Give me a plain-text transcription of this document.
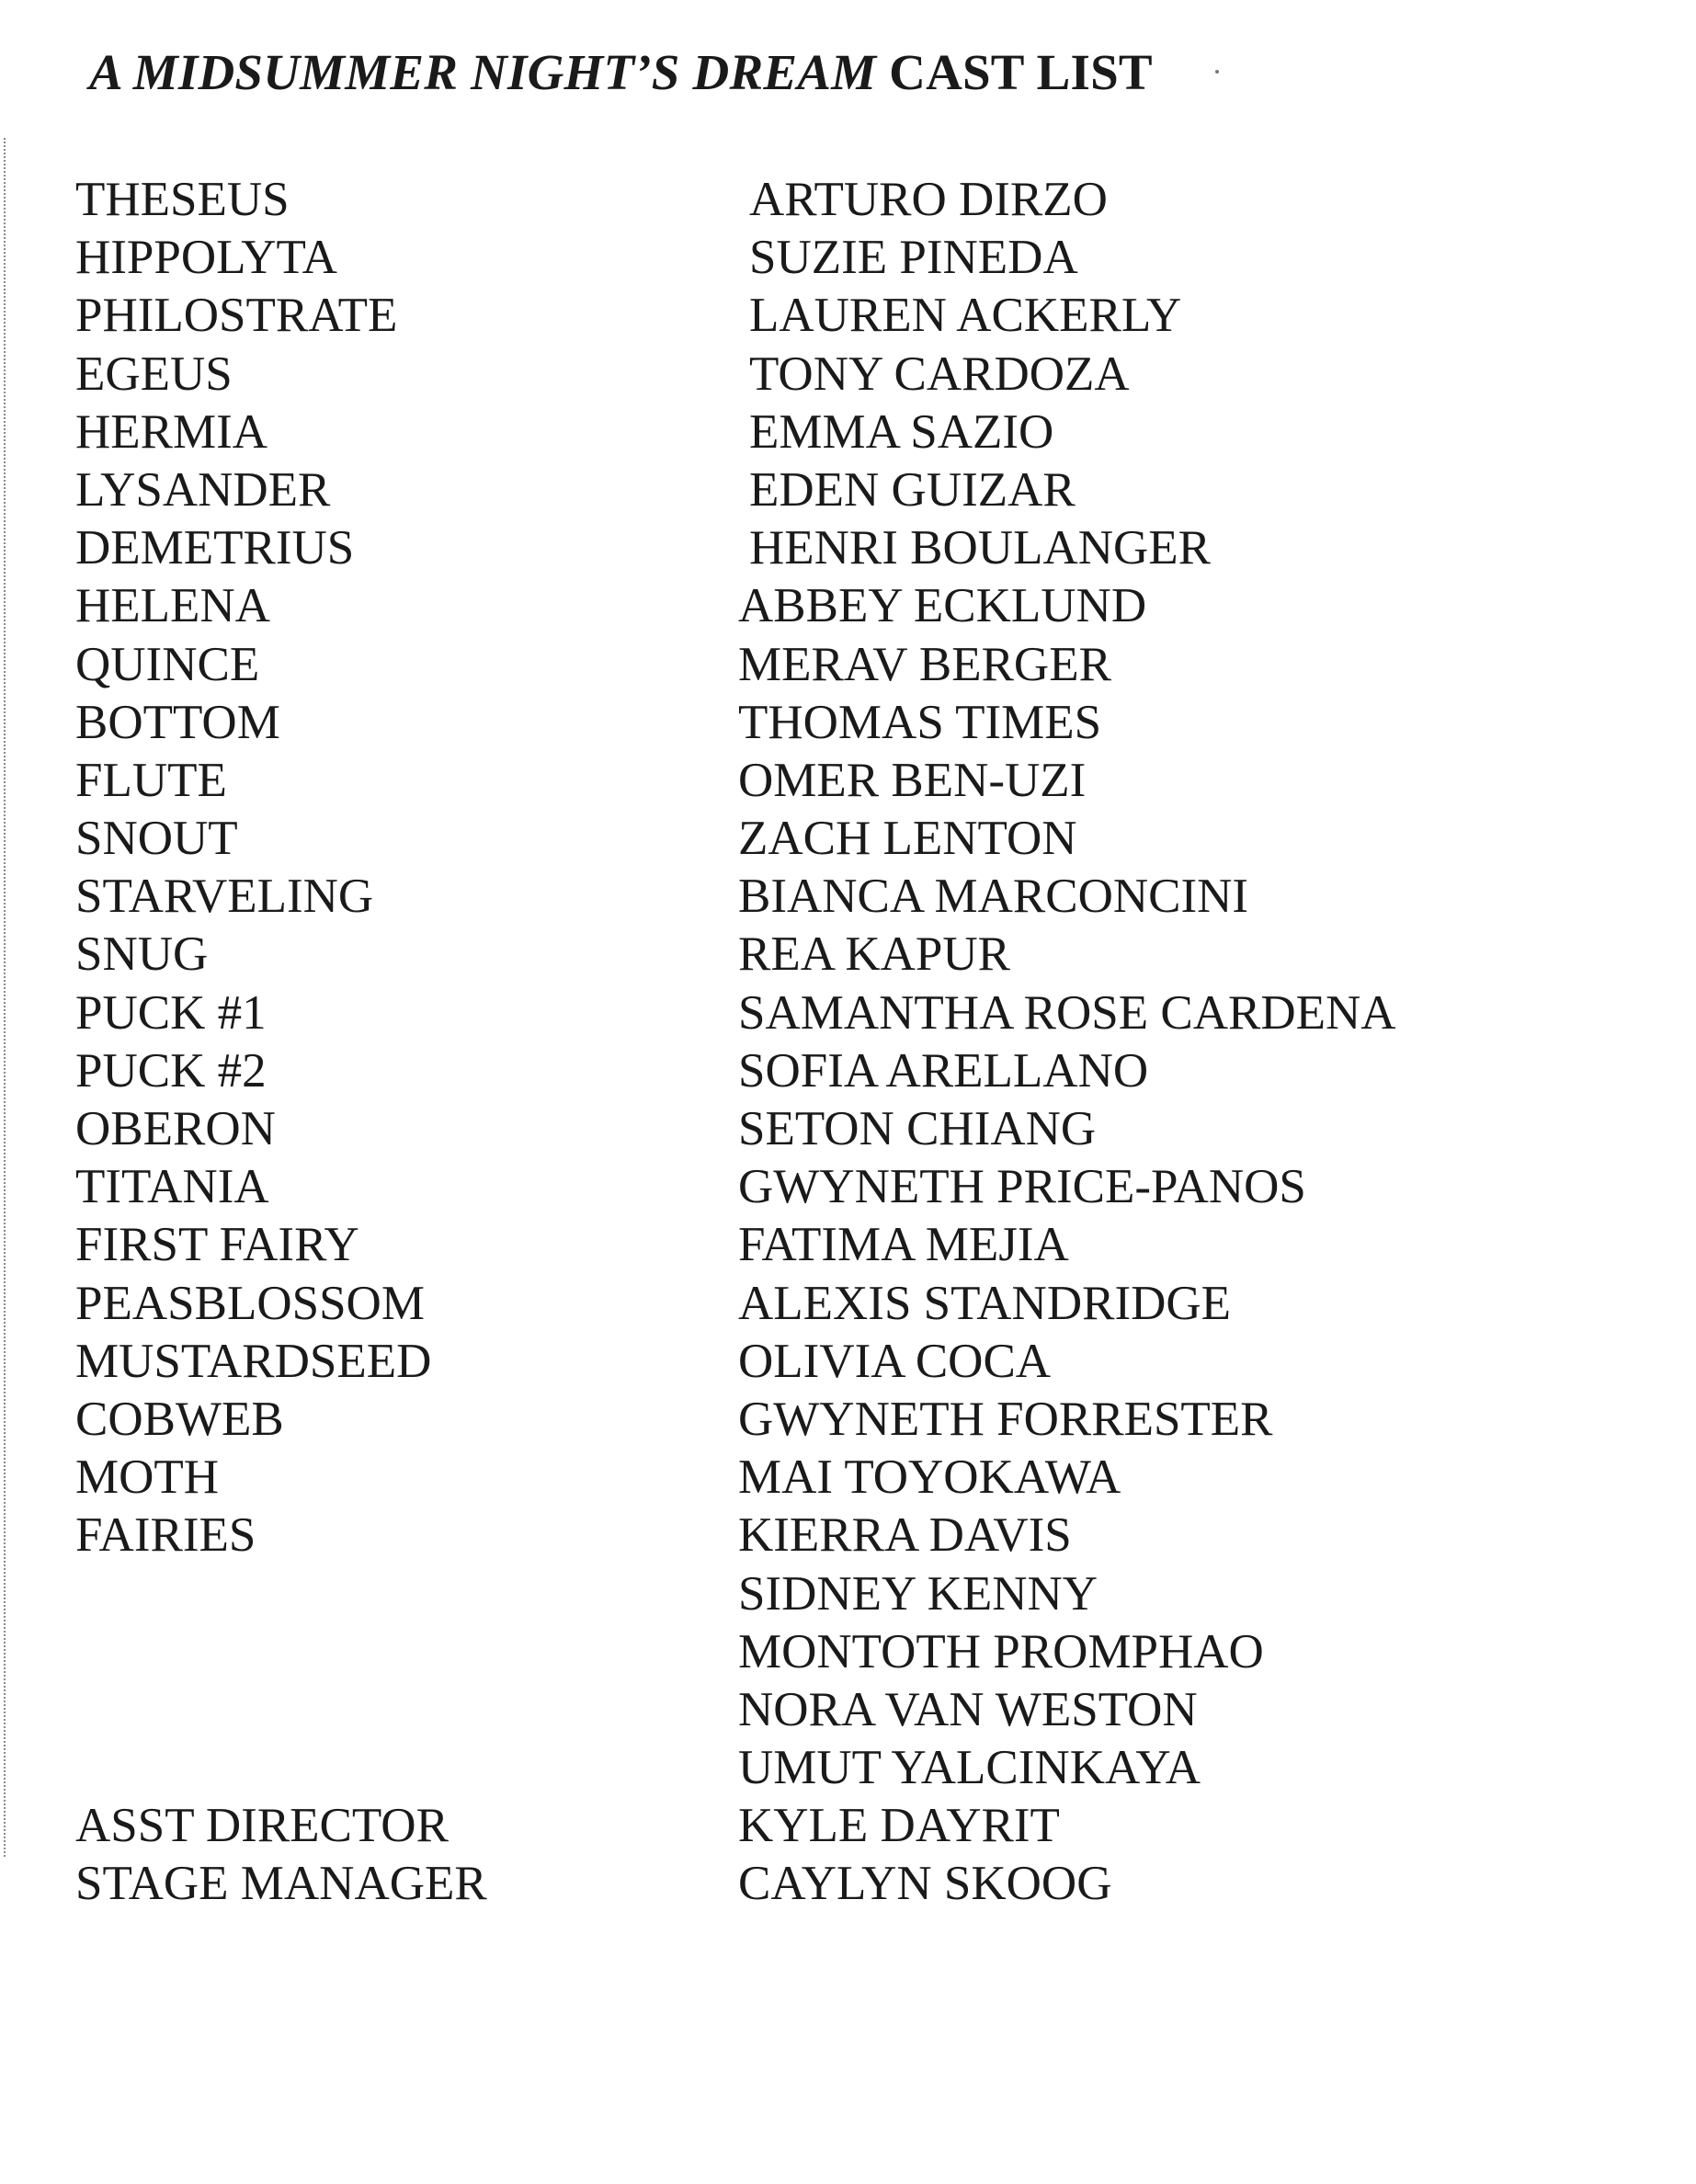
A MIDSUMMER NIGHT’S DREAM CAST LIST
THESEUS	ARTURO DIRZO
HIPPOLYTA	SUZIE PINEDA
PHILOSTRATE	LAUREN ACKERLY
EGEUS	TONY CARDOZA
HERMIA	EMMA SAZIO
LYSANDER	EDEN GUIZAR
DEMETRIUS	HENRI BOULANGER
HELENA	ABBEY ECKLUND
QUINCE	MERAV BERGER
BOTTOM	THOMAS TIMES
FLUTE	OMER BEN-UZI
SNOUT	ZACH LENTON
STARVELING	BIANCA MARCONCINI
SNUG	REA KAPUR
PUCK #1	SAMANTHA ROSE CARDENA
PUCK #2	SOFIA ARELLANO
OBERON	SETON CHIANG
TITANIA	GWYNETH PRICE-PANOS
FIRST FAIRY	FATIMA MEJIA
PEASBLOSSOM	ALEXIS STANDRIDGE
MUSTARDSEED	OLIVIA COCA
COBWEB	GWYNETH FORRESTER
MOTH	MAI TOYOKAWA
FAIRIES	KIERRA DAVIS
SIDNEY KENNY
MONTOTH PROMPHAO
NORA VAN WESTON
UMUT YALCINKAYA
ASST DIRECTOR	KYLE DAYRIT
STAGE MANAGER	CAYLYN SKOOG
